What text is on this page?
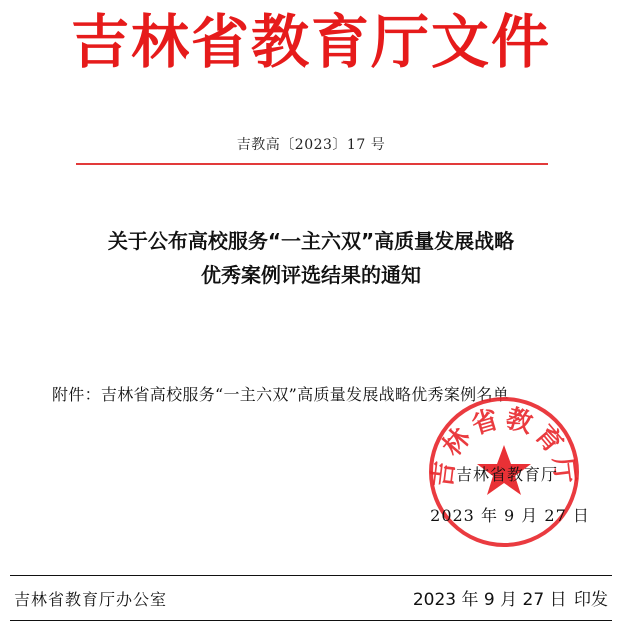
吉林省教育厅文件
吉教高〔2023〕17 号
关于公布高校服务“一主六双”高质量发展战略
优秀案例评选结果的通知
附件：吉林省高校服务“一主六双”高质量发展战略优秀案例名单
吉林省教育厅
吉林省教育厅
2023 年 9 月 27 日
吉林省教育厅办公室	2023 年 9 月 27 日 印发
